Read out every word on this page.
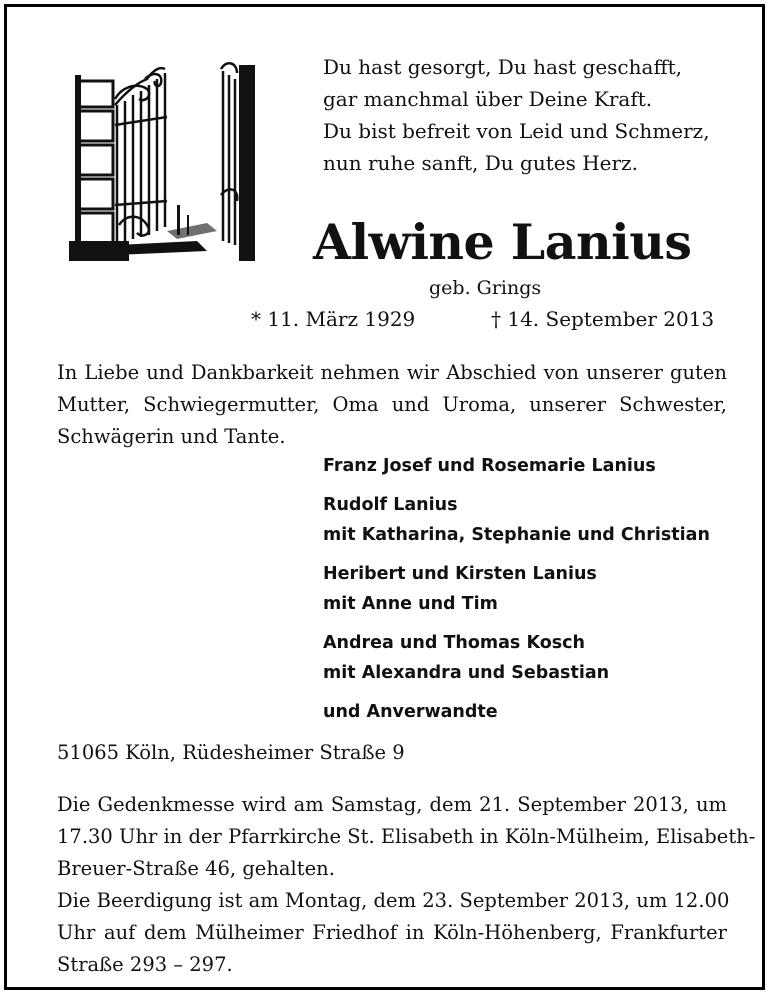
Du hast gesorgt, Du hast geschafft,
gar manchmal über Deine Kraft.
Du bist befreit von Leid und Schmerz,
nun ruhe sanft, Du gutes Herz.
Alwine Lanius
geb. Grings
* 11. März 1929	† 14. September 2013
In Liebe und Dankbarkeit nehmen wir Abschied von unserer guten
Mutter, Schwiegermutter, Oma und Uroma, unserer Schwester,
Schwägerin und Tante.
Franz Josef und Rosemarie Lanius
Rudolf Lanius
mit Katharina, Stephanie und Christian
Heribert und Kirsten Lanius
mit Anne und Tim
Andrea und Thomas Kosch
mit Alexandra und Sebastian
und Anverwandte
51065 Köln, Rüdesheimer Straße 9
Die Gedenkmesse wird am Samstag, dem 21. September 2013, um
17.30 Uhr in der Pfarrkirche St. Elisabeth in Köln-Mülheim, Elisabeth-
Breuer-Straße 46, gehalten.
Die Beerdigung ist am Montag, dem 23. September 2013, um 12.00
Uhr auf dem Mülheimer Friedhof in Köln-Höhenberg, Frankfurter
Straße 293 – 297.
